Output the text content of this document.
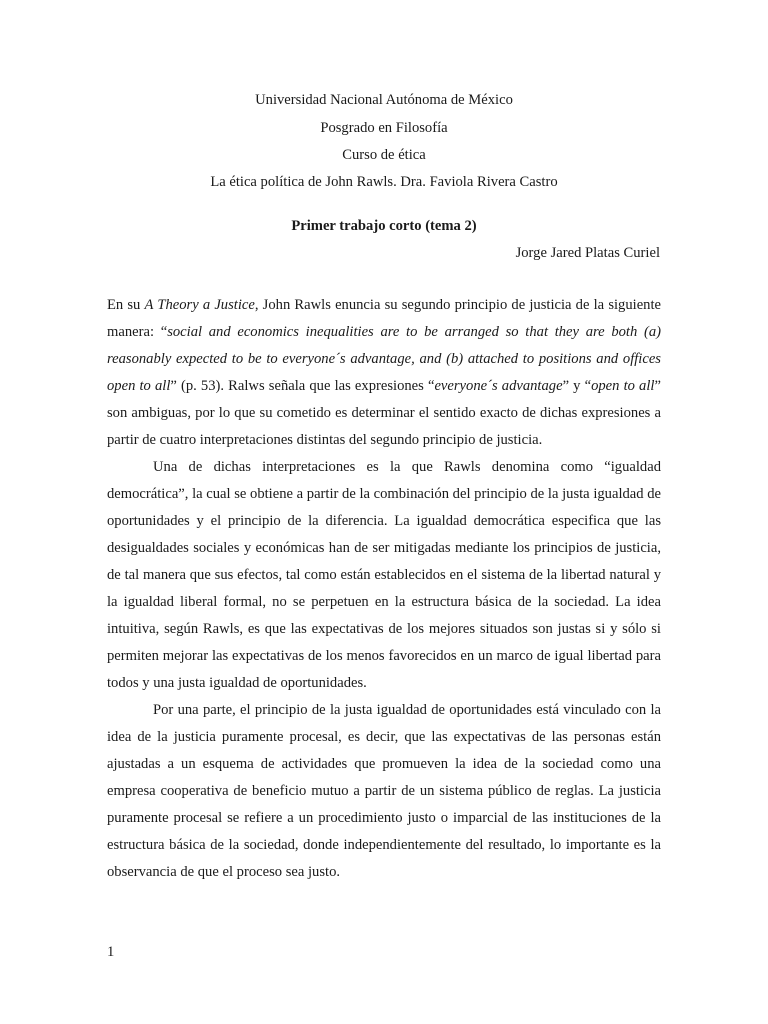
Universidad Nacional Autónoma de México
Posgrado en Filosofía
Curso de ética
La ética política de John Rawls. Dra. Faviola Rivera Castro
Primer trabajo corto (tema 2)
Jorge Jared Platas Curiel

En su A Theory a Justice, John Rawls enuncia su segundo principio de justicia de la siguiente manera: “social and economics inequalities are to be arranged so that they are both (a) reasonably expected to be to everyone´s advantage, and (b) attached to positions and offices open to all” (p. 53). Ralws señala que las expresiones “everyone´s advantage” y “open to all” son ambiguas, por lo que su cometido es determinar el sentido exacto de dichas expresiones a partir de cuatro interpretaciones distintas del segundo principio de justicia.

Una de dichas interpretaciones es la que Rawls denomina como “igualdad democrática”, la cual se obtiene a partir de la combinación del principio de la justa igualdad de oportunidades y el principio de la diferencia. La igualdad democrática especifica que las desigualdades sociales y económicas han de ser mitigadas mediante los principios de justicia, de tal manera que sus efectos, tal como están establecidos en el sistema de la libertad natural y la igualdad liberal formal, no se perpetuen en la estructura básica de la sociedad. La idea intuitiva, según Rawls, es que las expectativas de los mejores situados son justas si y sólo si permiten mejorar las expectativas de los menos favorecidos en un marco de igual libertad para todos y una justa igualdad de oportunidades.

Por una parte, el principio de la justa igualdad de oportunidades está vinculado con la idea de la justicia puramente procesal, es decir, que las expectativas de las personas están ajustadas a un esquema de actividades que promueven la idea de la sociedad como una empresa cooperativa de beneficio mutuo a partir de un sistema público de reglas. La justicia puramente procesal se refiere a un procedimiento justo o imparcial de las instituciones de la estructura básica de la sociedad, donde independientemente del resultado, lo importante es la observancia de que el proceso sea justo.

1
